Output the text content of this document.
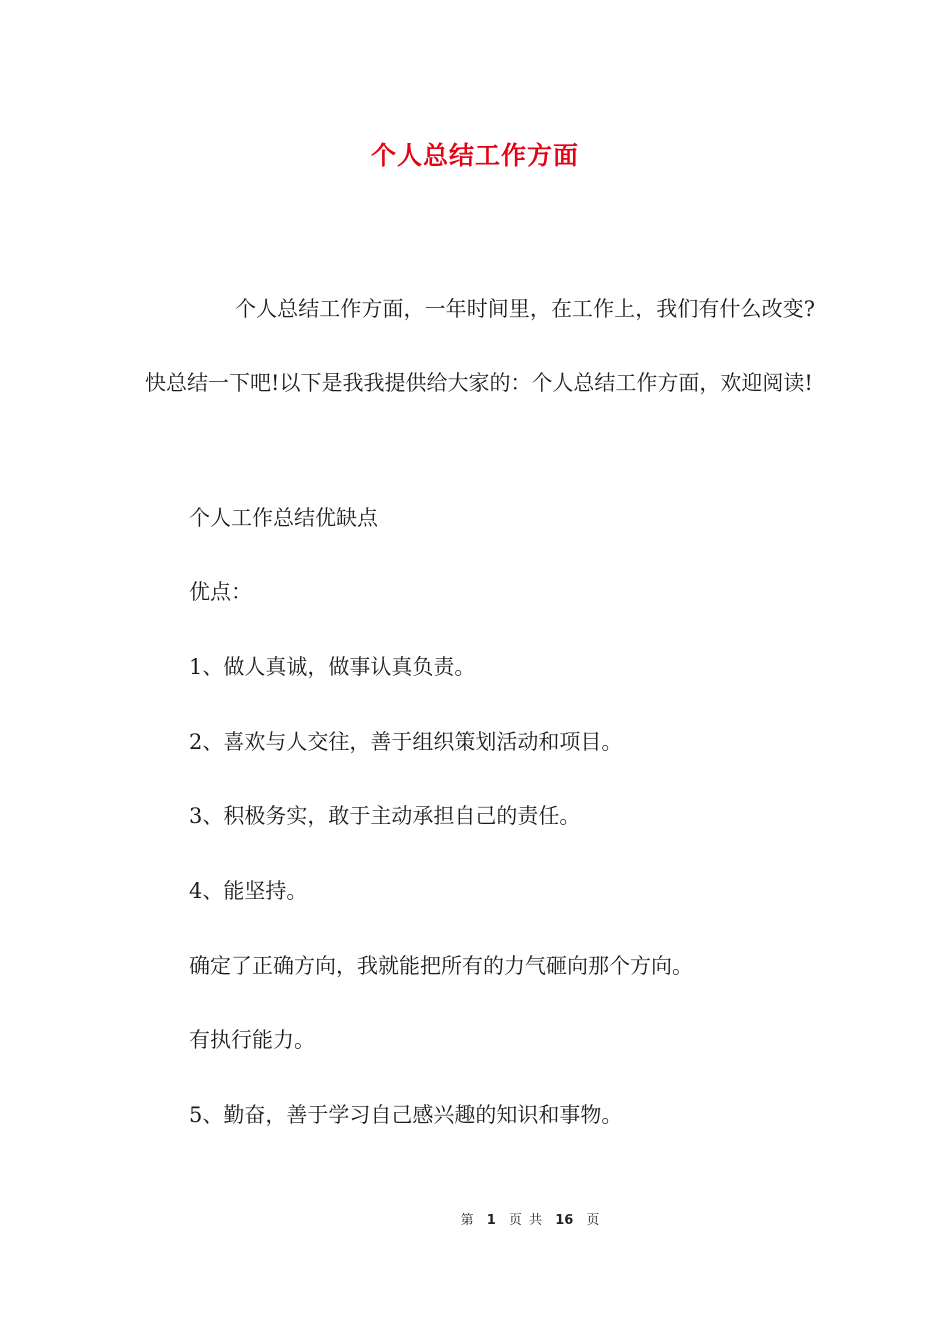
个人总结工作方面

个人总结工作方面，一年时间里，在工作上，我们有什么改变?快总结一下吧!以下是我我提供给大家的：个人总结工作方面，欢迎阅读!

个人工作总结优缺点

优点：

1、做人真诚，做事认真负责。

2、喜欢与人交往，善于组织策划活动和项目。

3、积极务实，敢于主动承担自己的责任。

4、能坚持。

确定了正确方向，我就能把所有的力气砸向那个方向。

有执行能力。

5、勤奋，善于学习自己感兴趣的知识和事物。

第 1 页 共 16 页
